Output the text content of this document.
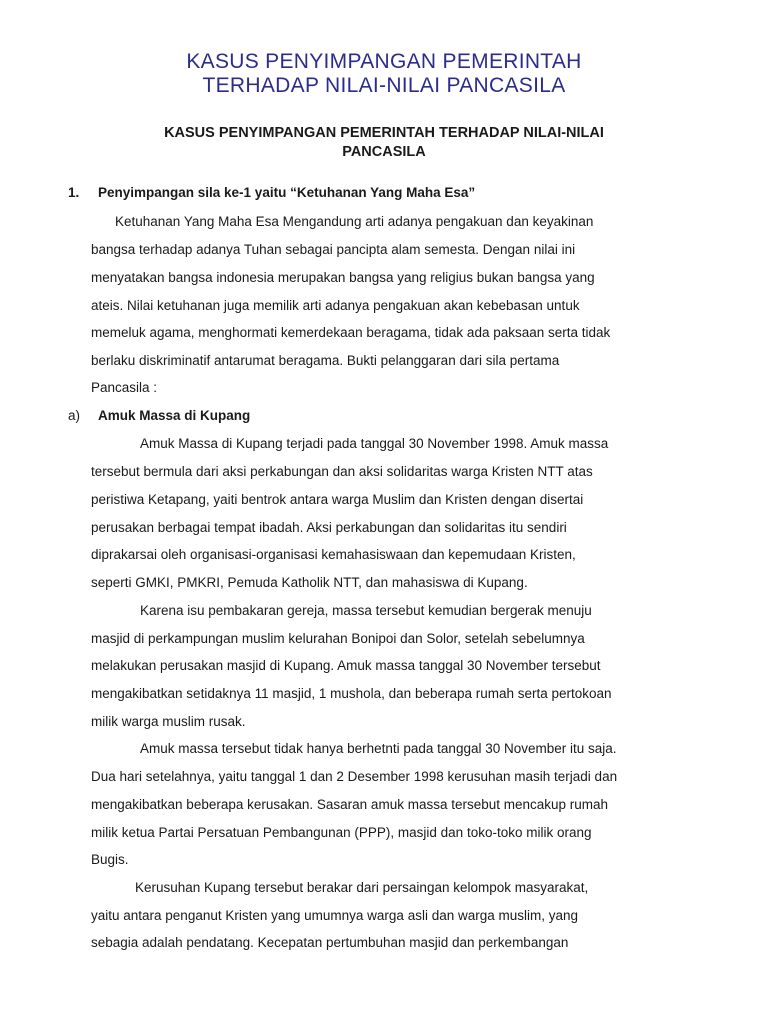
KASUS PENYIMPANGAN PEMERINTAH
TERHADAP NILAI-NILAI PANCASILA
KASUS PENYIMPANGAN PEMERINTAH TERHADAP NILAI-NILAI
PANCASILA
1. Penyimpangan sila ke-1 yaitu “Ketuhanan Yang Maha Esa”
Ketuhanan Yang Maha Esa Mengandung arti adanya pengakuan dan keyakinan
bangsa terhadap adanya Tuhan sebagai pancipta alam semesta. Dengan nilai ini
menyatakan bangsa indonesia merupakan bangsa yang religius bukan bangsa yang
ateis. Nilai ketuhanan juga memilik arti adanya pengakuan akan kebebasan untuk
memeluk agama, menghormati kemerdekaan beragama, tidak ada paksaan serta tidak
berlaku diskriminatif antarumat beragama. Bukti pelanggaran dari sila pertama
Pancasila :
a) Amuk Massa di Kupang
Amuk Massa di Kupang terjadi pada tanggal 30 November 1998. Amuk massa
tersebut bermula dari aksi perkabungan dan aksi solidaritas warga Kristen NTT atas
peristiwa Ketapang, yaiti bentrok antara warga Muslim dan Kristen dengan disertai
perusakan berbagai tempat ibadah. Aksi perkabungan dan solidaritas itu sendiri
diprakarsai oleh organisasi-organisasi kemahasiswaan dan kepemudaan Kristen,
seperti GMKI, PMKRI, Pemuda Katholik NTT, dan mahasiswa di Kupang.
Karena isu pembakaran gereja, massa tersebut kemudian bergerak menuju
masjid di perkampungan muslim kelurahan Bonipoi dan Solor, setelah sebelumnya
melakukan perusakan masjid di Kupang. Amuk massa tanggal 30 November tersebut
mengakibatkan setidaknya 11 masjid, 1 mushola, dan beberapa rumah serta pertokoan
milik warga muslim rusak.
Amuk massa tersebut tidak hanya berhetnti pada tanggal 30 November itu saja.
Dua hari setelahnya, yaitu tanggal 1 dan 2 Desember 1998 kerusuhan masih terjadi dan
mengakibatkan beberapa kerusakan. Sasaran amuk massa tersebut mencakup rumah
milik ketua Partai Persatuan Pembangunan (PPP), masjid dan toko-toko milik orang
Bugis.
Kerusuhan Kupang tersebut berakar dari persaingan kelompok masyarakat,
yaitu antara penganut Kristen yang umumnya warga asli dan warga muslim, yang
sebagia adalah pendatang. Kecepatan pertumbuhan masjid dan perkembangan
